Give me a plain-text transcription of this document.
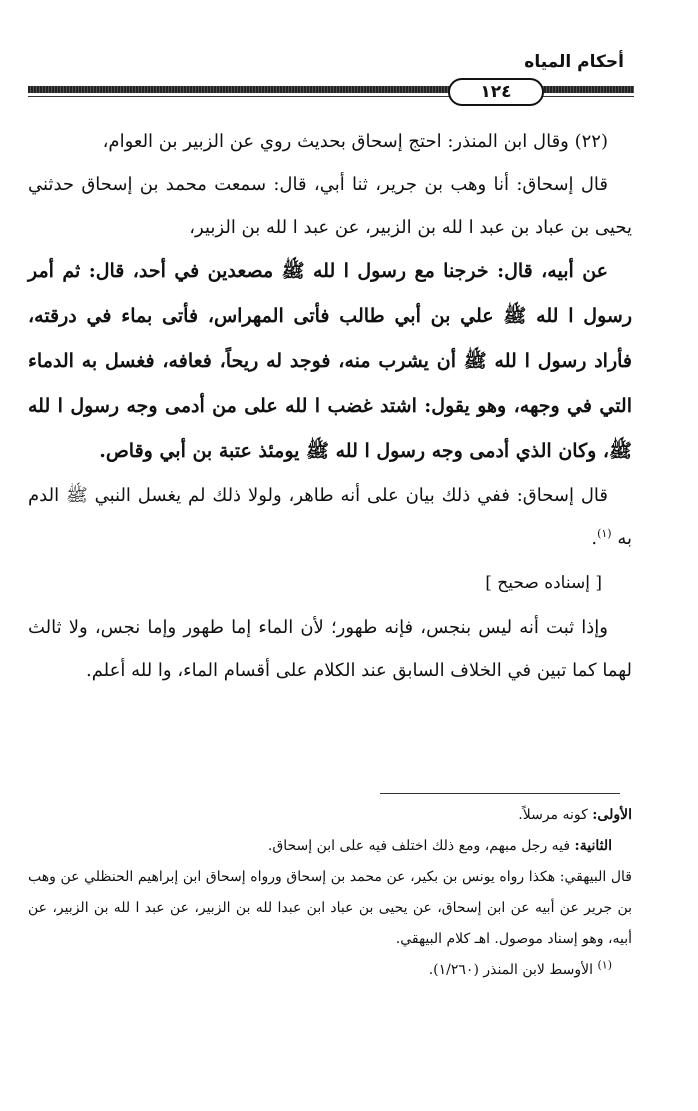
أحكام المياه
١٢٤

(٢٢) وقال ابن المنذر: احتج إسحاق بحديث روي عن الزبير بن العوام،

قال إسحاق: أنا وهب بن جرير، ثنا أبي، قال: سمعت محمد بن إسحاق حدثني يحيى بن عباد بن عبد ا لله بن الزبير، عن عبد ا لله بن الزبير،

عن أبيه، قال: خرجنا مع رسول ا لله ﷺ مصعدين في أحد، قال: ثم أمر رسول ا لله ﷺ علي بن أبي طالب فأتى المهراس، فأتى بماء في درقته، فأراد رسول ا لله ﷺ أن يشرب منه، فوجد له ريحاً، فعافه، فغسل به الدماء التي في وجهه، وهو يقول: اشتد غضب ا لله على من أدمى وجه رسول ا لله ﷺ، وكان الذي أدمى وجه رسول ا لله ﷺ يومئذ عتبة بن أبي وقاص.

قال إسحاق: ففي ذلك بيان على أنه طاهر، ولولا ذلك لم يغسل النبي ﷺ الدم به $^{(١)}$.

[ إسناده صحيح ]

وإذا ثبت أنه ليس بنجس، فإنه طهور؛ لأن الماء إما طهور وإما نجس، ولا ثالث لهما كما تبين في الخلاف السابق عند الكلام على أقسام الماء، وا لله أعلم.

الأولى: كونه مرسلاً.

الثانية: فيه رجل مبهم، ومع ذلك اختلف فيه على ابن إسحاق.

قال البيهقي: هكذا رواه يونس بن بكير، عن محمد بن إسحاق ورواه إسحاق ابن إبراهيم الحنظلي عن وهب بن جرير عن أبيه عن ابن إسحاق، عن يحيى بن عباد ابن عبدا لله بن الزبير، عن عبد ا لله بن الزبير، عن أبيه، وهو إسناد موصول. اهـ كلام البيهقي.

$^{(١)}$ الأوسط لابن المنذر (١/٢٦٠).
